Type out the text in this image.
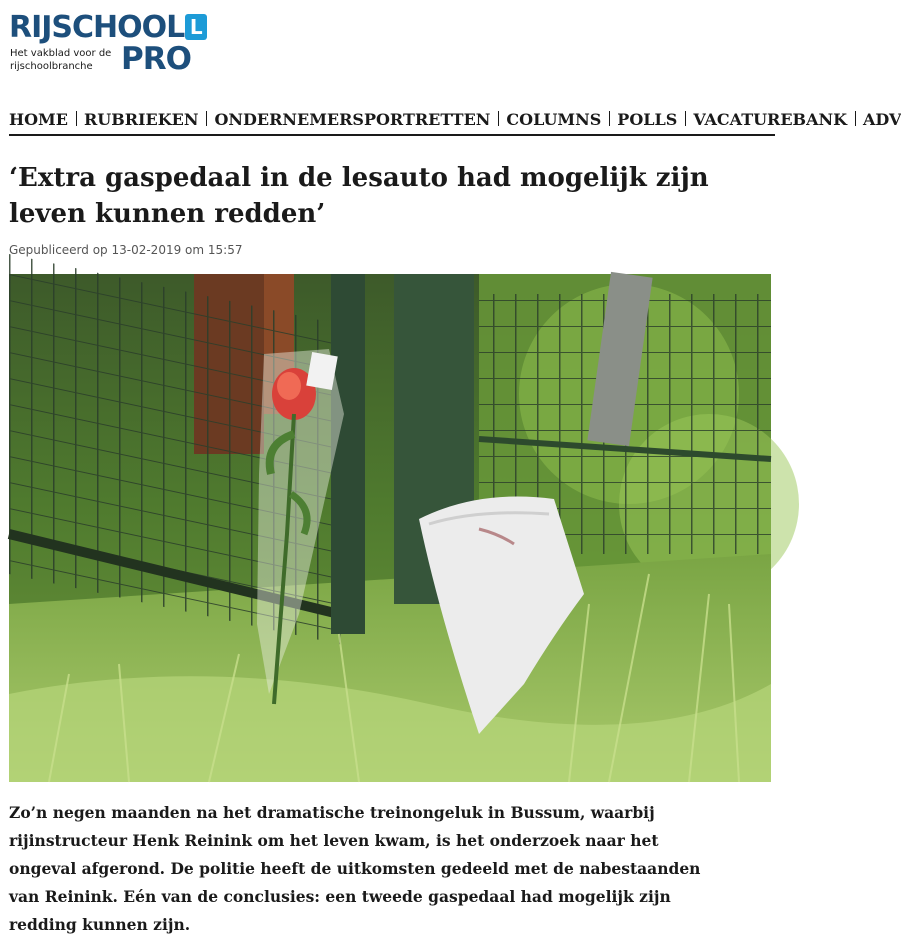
RIJSCHOOL L
Het vakblad voor de rijschoolbranche PRO
HOME RUBRIEKEN ONDERNEMERSPORTRETTEN COLUMNS POLLS VACATUREBANK ADV
‘Extra gaspedaal in de lesauto had mogelijk zijn leven kunnen redden’
Gepubliceerd op 13-02-2019 om 15:57

Zo’n negen maanden na het dramatische treinongeluk in Bussum, waarbij rijinstructeur Henk Reinink om het leven kwam, is het onderzoek naar het ongeval afgerond. De politie heeft de uitkomsten gedeeld met de nabestaanden van Reinink. Eén van de conclusies: een tweede gaspedaal had mogelijk zijn redding kunnen zijn.
